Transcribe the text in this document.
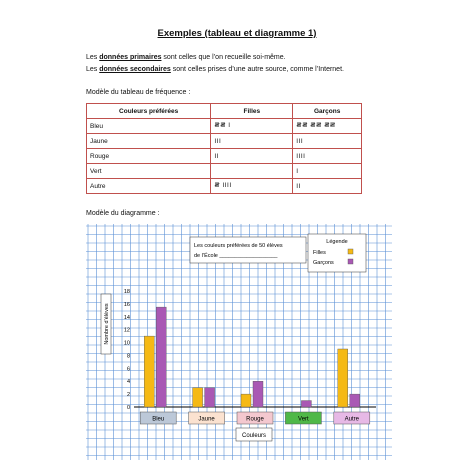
Exemples (tableau et diagramme 1)
Les données primaires sont celles que l’on recueille soi-même.
Les données secondaires sont celles prises d’une autre source, comme l’Internet.
Modèle du tableau de fréquence :
Couleurs préférées	Filles	Garçons
Bleu	𝍸𝍸 I	𝍸𝍸 𝍸𝍸 𝍸𝍸
Jaune	III	III
Rouge	II	IIII
Vert		I
Autre	𝍸 IIII	II
Modèle du diagramme :
0
2
4
6
8
10
12
14
16
18
Nombre d’élèves
Bleu	Jaune	Rouge	Vert	Autre
Couleurs
Les couleurs préférées de 50 élèves
de l’École ___________________
Légende
Filles
Garçons
